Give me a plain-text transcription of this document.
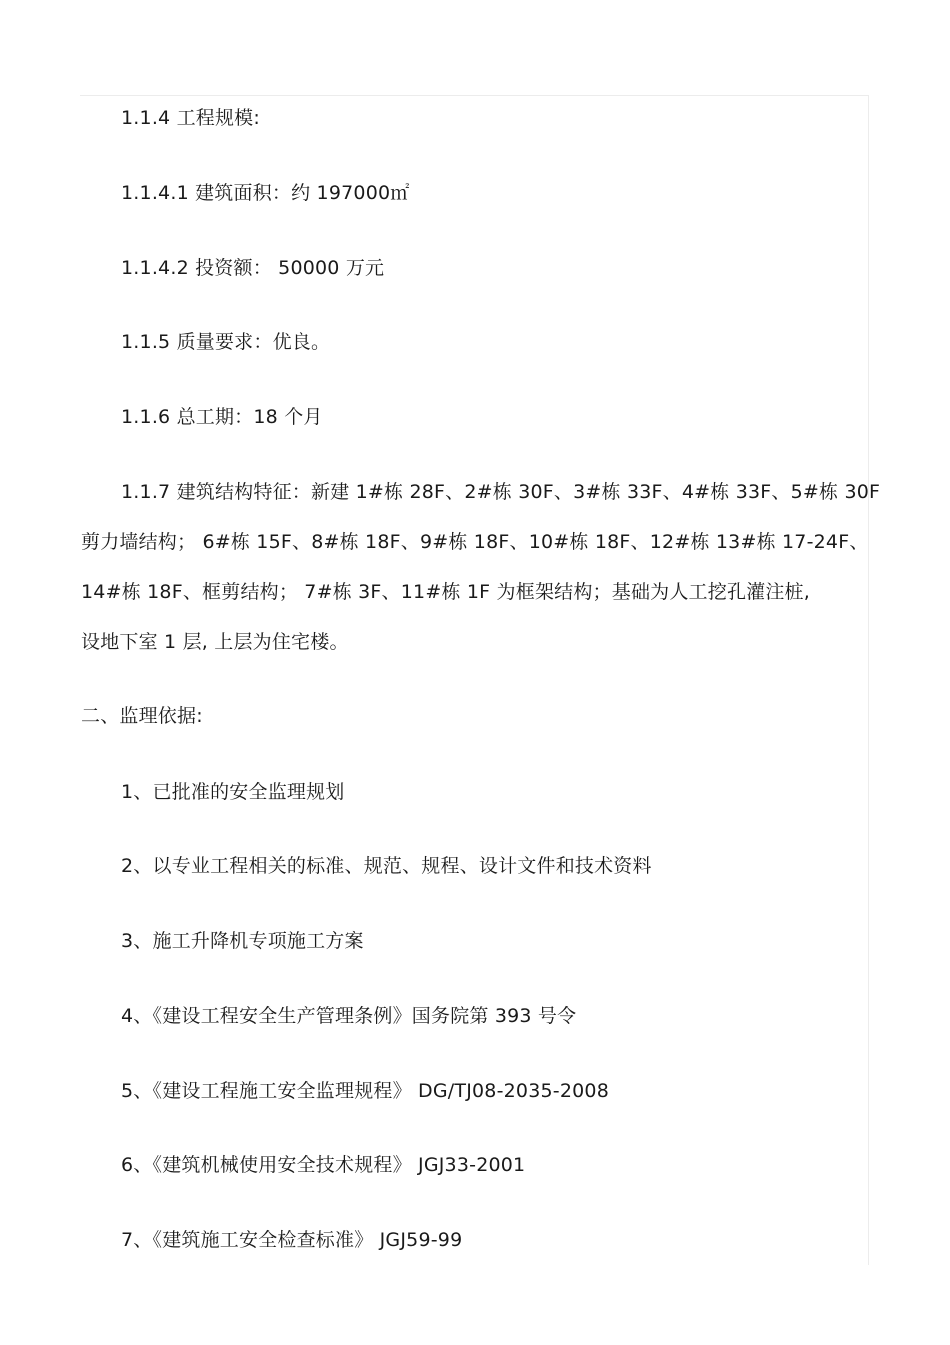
1.1.4 工程规模:
1.1.4.1 建筑面积：约 197000㎡
1.1.4.2 投资额： 50000 万元
1.1.5 质量要求：优良。
1.1.6 总工期：18 个月
1.1.7 建筑结构特征：新建 1#栋 28F、2#栋 30F、3#栋 33F、4#栋 33F、5#栋 30F
剪力墙结构； 6#栋 15F、8#栋 18F、9#栋 18F、10#栋 18F、12#栋 13#栋 17-24F、
14#栋 18F、框剪结构； 7#栋 3F、11#栋 1F 为框架结构；基础为人工挖孔灌注桩,
设地下室 1 层, 上层为住宅楼。
二、监理依据:
1、已批准的安全监理规划
2、以专业工程相关的标准、规范、规程、设计文件和技术资料
3、施工升降机专项施工方案
4、《建设工程安全生产管理条例》国务院第 393 号令
5、《建设工程施工安全监理规程》 DG/TJ08-2035-2008
6、《建筑机械使用安全技术规程》 JGJ33-2001
7、《建筑施工安全检查标准》 JGJ59-99
